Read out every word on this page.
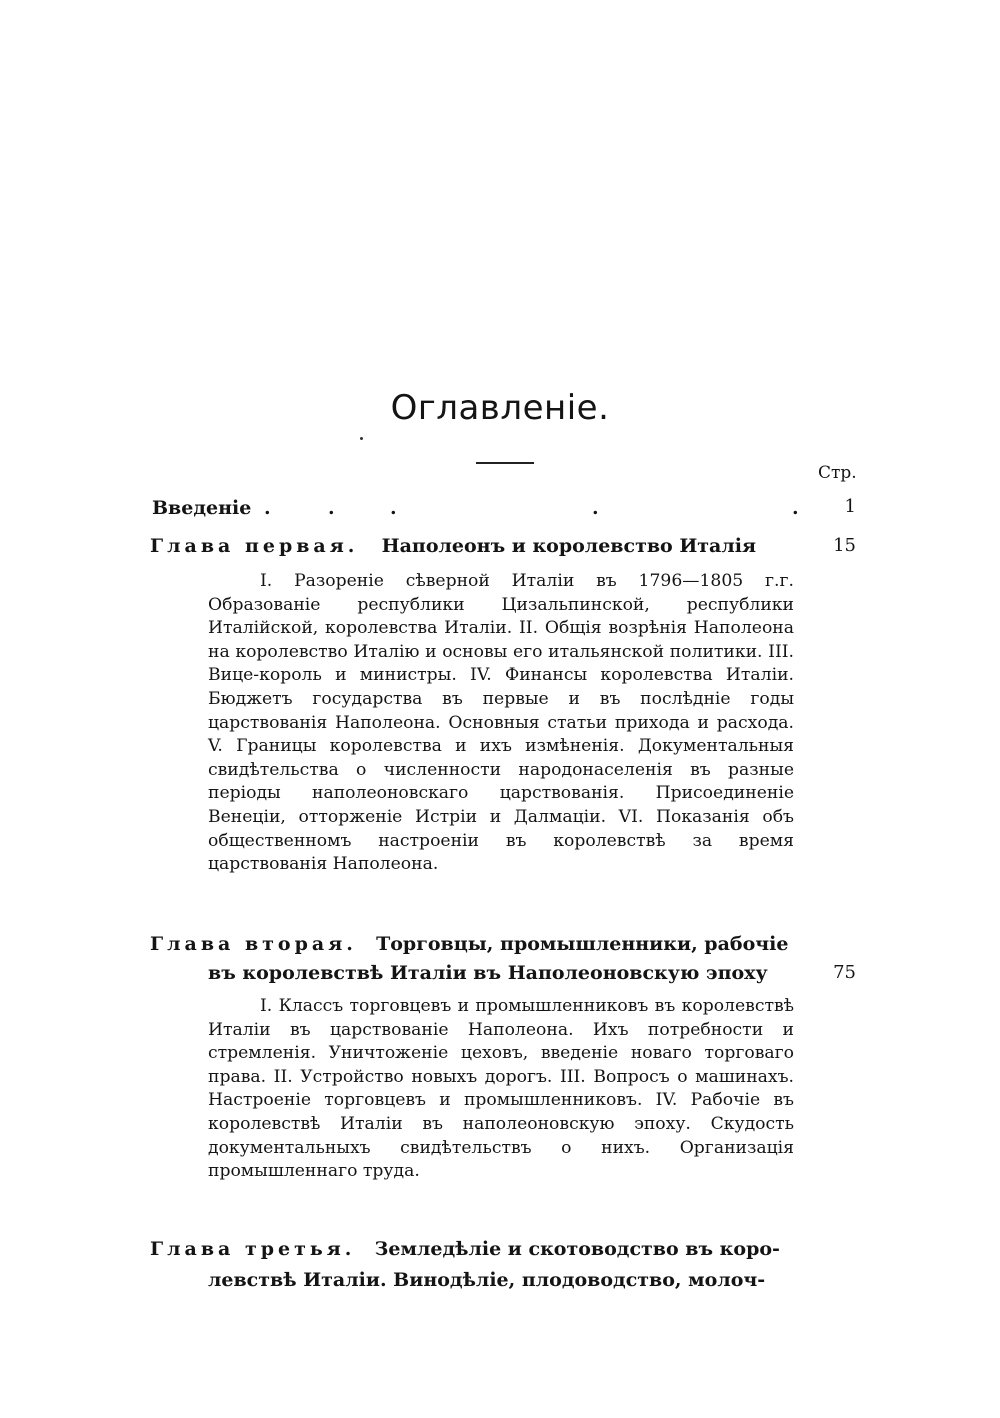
Оглавленіе.
Стр.
Введеніе .	.	.	.	.	1
Глава первая. Наполеонъ и королевство Италія	15

I. Разореніе сѣверной Италіи въ 1796—1805 г.г. Образованіе республики Цизальпинской, республики Италійской, королевства Италіи. II. Общія возрѣнія Наполеона на королевство Италію и основы его итальянской политики. III. Вице-король и министры. IV. Финансы королевства Италіи. Бюджетъ государства въ первые и въ послѣдніе годы царствованія Наполеона. Основныя статьи прихода и расхода. V. Границы королевства и ихъ измѣненія. Документальныя свидѣтельства о численности народонаселенія въ разные періоды наполеоновскаго царствованія. Присоединеніе Венеціи, отторженіе Истріи и Далмаціи. VI. Показанія объ общественномъ настроеніи въ королевствѣ за время царствованія Наполеона.

Глава вторая. Торговцы, промышленники, рабочіе
въ королевствѣ Италіи въ Наполеоновскую эпоху	75

I. Классъ торговцевъ и промышленниковъ въ королевствѣ Италіи въ царствованіе Наполеона. Ихъ потребности и стремленія. Уничтоженіе цеховъ, введеніе новаго торговаго права. II. Устройство новыхъ дорогъ. III. Вопросъ о машинахъ. Настроеніе торговцевъ и промышленниковъ. IV. Рабочіе въ королевствѣ Италіи въ наполеоновскую эпоху. Скудость документальныхъ свидѣтельствъ о нихъ. Организація промышленнаго труда.

Глава третья. Земледѣліе и скотоводство въ коро-
левствѣ Италіи. Винодѣліе, плодоводство, молоч-
